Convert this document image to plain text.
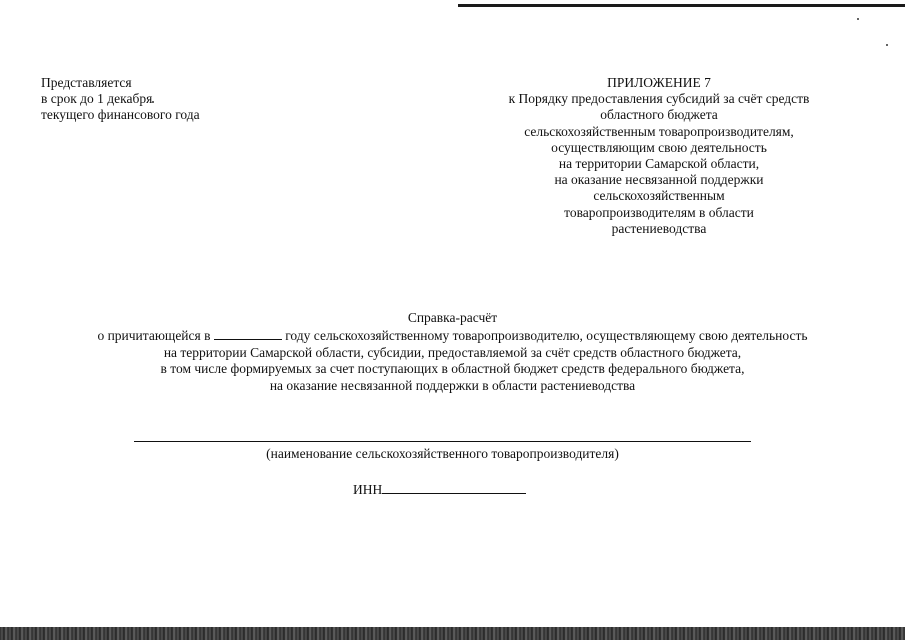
Представляется
в срок до 1 декабря
текущего финансового года
ПРИЛОЖЕНИЕ 7
к Порядку предоставления субсидий за счёт средств
областного бюджета
сельскохозяйственным товаропроизводителям,
осуществляющим свою деятельность
на территории Самарской области,
на оказание несвязанной поддержки
сельскохозяйственным
товаропроизводителям в области
растениеводства
Справка-расчёт
о причитающейся в	году сельскохозяйственному товаропроизводителю, осуществляющему свою деятельность
на территории Самарской области, субсидии, предоставляемой за счёт средств областного бюджета,
в том числе формируемых за счет поступающих в областной бюджет средств федерального бюджета,
на оказание несвязанной поддержки в области растениеводства
(наименование сельскохозяйственного товаропроизводителя)
ИНН
